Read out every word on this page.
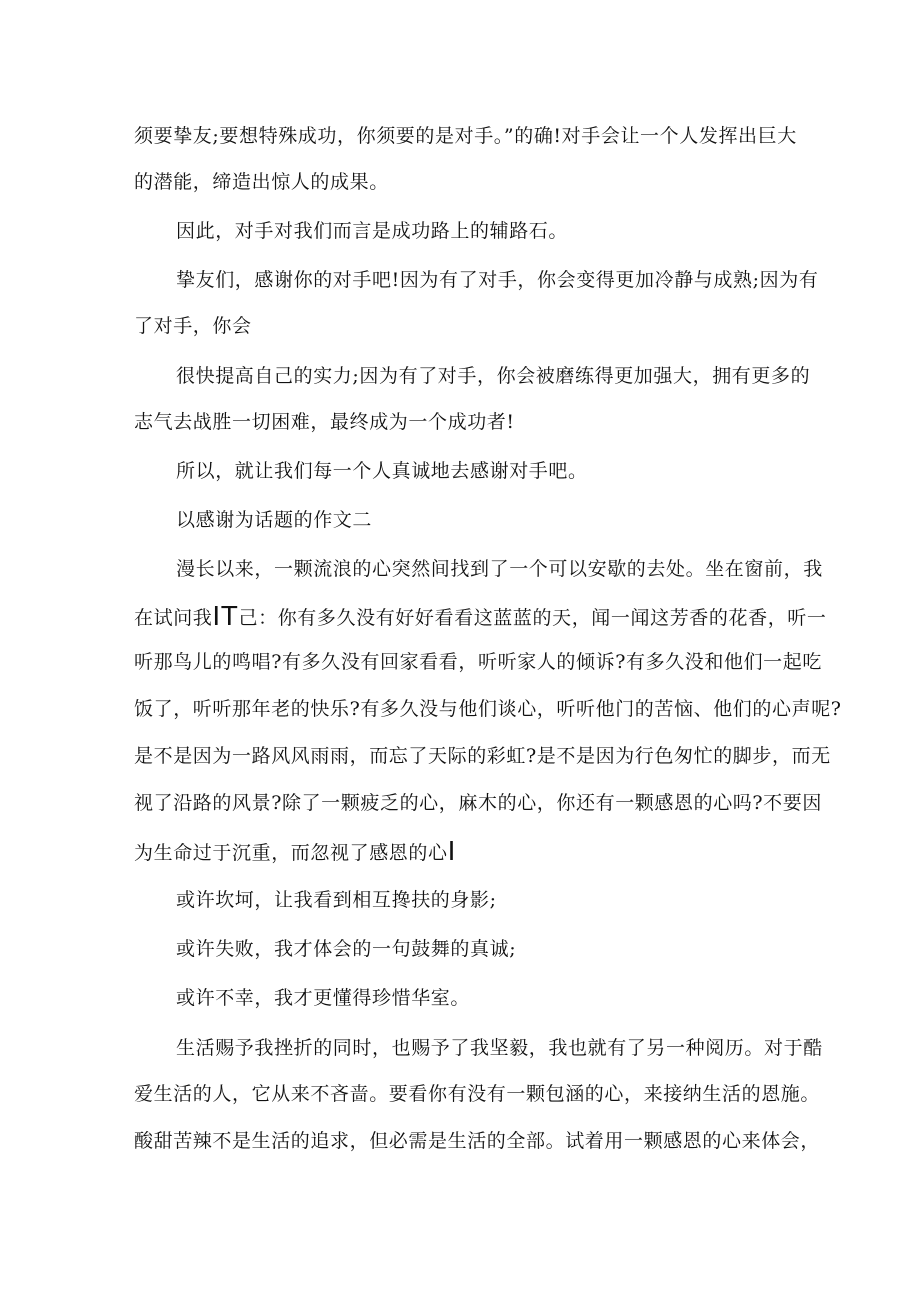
须要挚友;要想特殊成功，你须要的是对手。”的确!对手会让一个人发挥出巨大
的潜能，缔造出惊人的成果。
因此，对手对我们而言是成功路上的辅路石。
挚友们，感谢你的对手吧!因为有了对手，你会变得更加冷静与成熟;因为有
了对手，你会
很快提高自己的实力;因为有了对手，你会被磨练得更加强大，拥有更多的
志气去战胜一切困难，最终成为一个成功者!
所以，就让我们每一个人真诚地去感谢对手吧。
以感谢为话题的作文二
漫长以来，一颗流浪的心突然间找到了一个可以安歇的去处。坐在窗前，我
在试问我IT己：你有多久没有好好看看这蓝蓝的天，闻一闻这芳香的花香，听一
听那鸟儿的鸣唱?有多久没有回家看看，听听家人的倾诉?有多久没和他们一起吃
饭了，听听那年老的快乐?有多久没与他们谈心，听听他门的苦恼、他们的心声呢?
是不是因为一路风风雨雨，而忘了天际的彩虹?是不是因为行色匆忙的脚步，而无
视了沿路的风景?除了一颗疲乏的心，麻木的心，你还有一颗感恩的心吗?不要因
为生命过于沉重，而忽视了感恩的心I
或许坎坷，让我看到相互搀扶的身影;
或许失败，我才体会的一句鼓舞的真诚;
或许不幸，我才更懂得珍惜华室。
生活赐予我挫折的同时，也赐予了我坚毅，我也就有了另一种阅历。对于酷
爱生活的人，它从来不吝啬。要看你有没有一颗包涵的心，来接纳生活的恩施。
酸甜苦辣不是生活的追求，但必需是生活的全部。试着用一颗感恩的心来体会，
